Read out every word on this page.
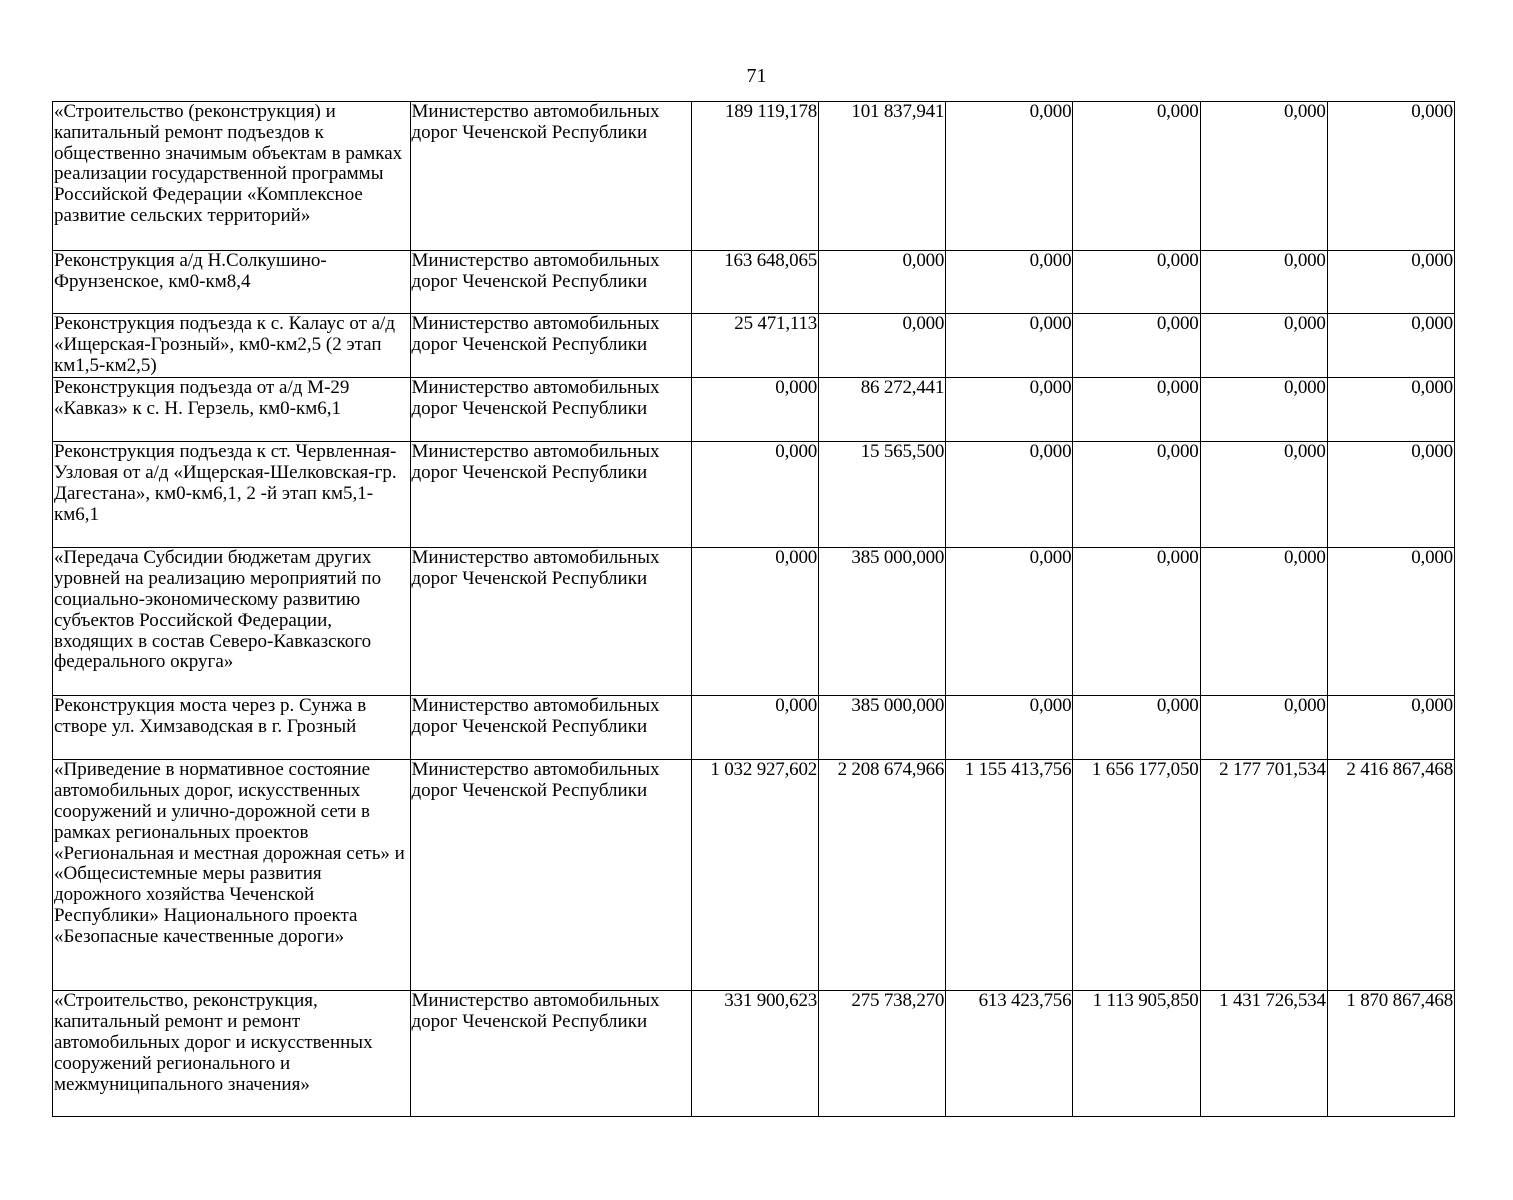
71
«Строительство (реконструкция) и капитальный ремонт подъездов к общественно значимым объектам в рамках реализации государственной программы Российской Федерации «Комплексное развитие сельских территорий»	Министерство автомобильных дорог Чеченской Республики	189 119,178	101 837,941	0,000	0,000	0,000	0,000
Реконструкция а/д Н.Солкушино-Фрунзенское, км0-км8,4	Министерство автомобильных дорог Чеченской Республики	163 648,065	0,000	0,000	0,000	0,000	0,000
Реконструкция подъезда к с. Калаус от а/д «Ищерская-Грозный», км0-км2,5 (2 этап км1,5-км2,5)	Министерство автомобильных дорог Чеченской Республики	25 471,113	0,000	0,000	0,000	0,000	0,000
Реконструкция подъезда от а/д М-29 «Кавказ» к с. Н. Герзель, км0-км6,1	Министерство автомобильных дорог Чеченской Республики	0,000	86 272,441	0,000	0,000	0,000	0,000
Реконструкция подъезда к ст. Червленная-Узловая от а/д «Ищерская-Шелковская-гр. Дагестана», км0-км6,1, 2 -й этап км5,1-км6,1	Министерство автомобильных дорог Чеченской Республики	0,000	15 565,500	0,000	0,000	0,000	0,000
«Передача Субсидии бюджетам других уровней на реализацию мероприятий по социально-экономическому развитию субъектов Российской Федерации, входящих в состав Северо-Кавказского федерального округа»	Министерство автомобильных дорог Чеченской Республики	0,000	385 000,000	0,000	0,000	0,000	0,000
Реконструкция моста через р. Сунжа в створе ул. Химзаводская в г. Грозный	Министерство автомобильных дорог Чеченской Республики	0,000	385 000,000	0,000	0,000	0,000	0,000
«Приведение в нормативное состояние автомобильных дорог, искусственных сооружений и улично-дорожной сети в рамках региональных проектов «Региональная и местная дорожная сеть» и «Общесистемные меры развития дорожного хозяйства Чеченской Республики» Национального проекта «Безопасные качественные дороги»	Министерство автомобильных дорог Чеченской Республики	1 032 927,602	2 208 674,966	1 155 413,756	1 656 177,050	2 177 701,534	2 416 867,468
«Строительство, реконструкция, капитальный ремонт и ремонт автомобильных дорог и искусственных сооружений регионального и межмуниципального значения»	Министерство автомобильных дорог Чеченской Республики	331 900,623	275 738,270	613 423,756	1 113 905,850	1 431 726,534	1 870 867,468
